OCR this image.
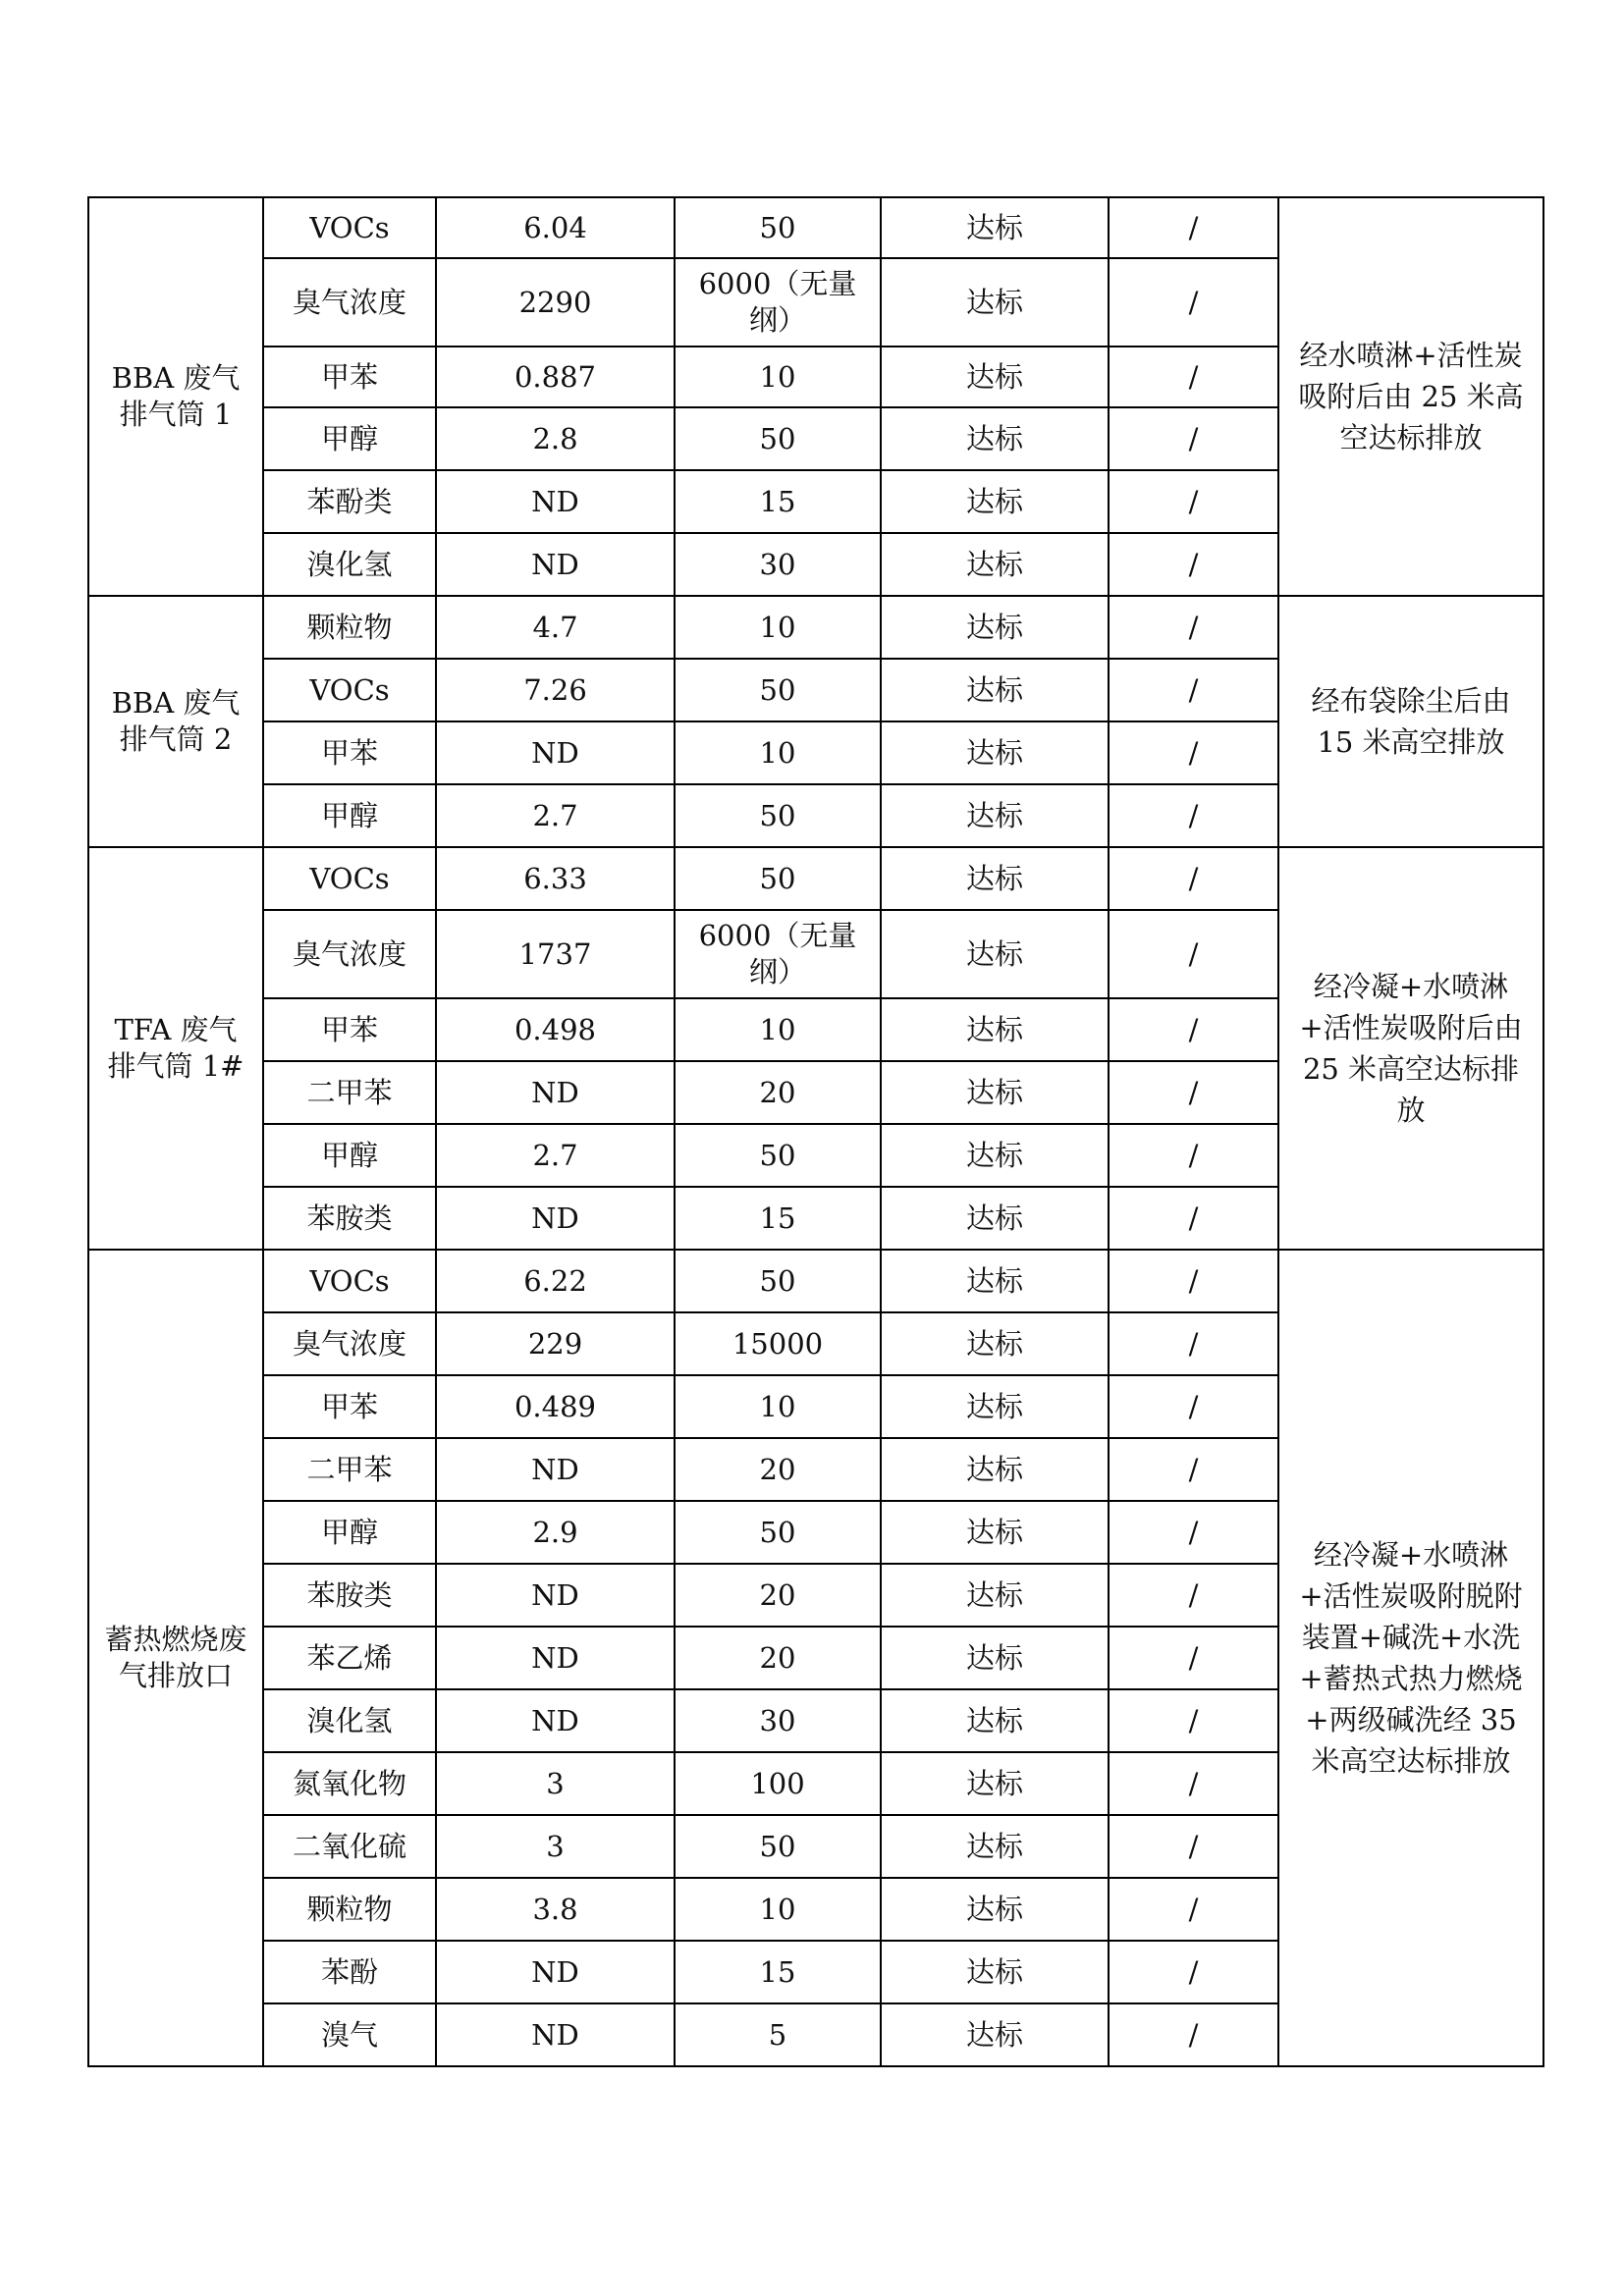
BBA 废气排气筒 1	VOCs	6.04	50	达标	/	经水喷淋+活性炭吸附后由 25 米高空达标排放
	臭气浓度	2290	6000（无量纲）	达标	/	
	甲苯	0.887	10	达标	/	
	甲醇	2.8	50	达标	/	
	苯酚类	ND	15	达标	/	
	溴化氢	ND	30	达标	/	
BBA 废气排气筒 2	颗粒物	4.7	10	达标	/	经布袋除尘后由 15 米高空排放
	VOCs	7.26	50	达标	/	
	甲苯	ND	10	达标	/	
	甲醇	2.7	50	达标	/	
TFA 废气排气筒 1#	VOCs	6.33	50	达标	/	经冷凝+水喷淋+活性炭吸附后由 25 米高空达标排放
	臭气浓度	1737	6000（无量纲）	达标	/	
	甲苯	0.498	10	达标	/	
	二甲苯	ND	20	达标	/	
	甲醇	2.7	50	达标	/	
	苯胺类	ND	15	达标	/	
蓄热燃烧废气排放口	VOCs	6.22	50	达标	/	经冷凝+水喷淋+活性炭吸附脱附装置+碱洗+水洗+蓄热式热力燃烧+两级碱洗经 35 米高空达标排放
	臭气浓度	229	15000	达标	/	
	甲苯	0.489	10	达标	/	
	二甲苯	ND	20	达标	/	
	甲醇	2.9	50	达标	/	
	苯胺类	ND	20	达标	/	
	苯乙烯	ND	20	达标	/	
	溴化氢	ND	30	达标	/	
	氮氧化物	3	100	达标	/	
	二氧化硫	3	50	达标	/	
	颗粒物	3.8	10	达标	/	
	苯酚	ND	15	达标	/	
	溴气	ND	5	达标	/	
